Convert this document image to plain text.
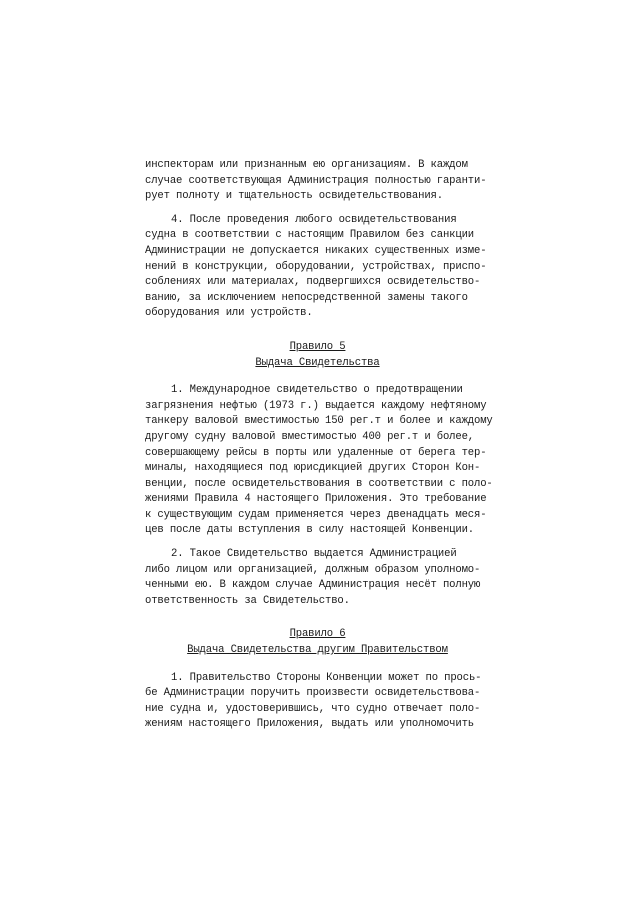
инспекторам или признанным ею организациям. В каждом
случае соответствующая Администрация полностью гаранти-
рует полноту и тщательность освидетельствования.
4. После проведения любого освидетельствования
судна в соответствии с настоящим Правилом без санкции
Администрации не допускается никаких существенных изме-
нений в конструкции, оборудовании, устройствах, приспо-
соблениях или материалах, подвергшихся освидетельство-
ванию, за исключением непосредственной замены такого
оборудования или устройств.
Правило 5
Выдача Свидетельства
1. Международное свидетельство о предотвращении
загрязнения нефтью (1973 г.) выдается каждому нефтяному
танкеру валовой вместимостью 150 рег.т и более и каждому
другому судну валовой вместимостью 400 рег.т и более,
совершающему рейсы в порты или удаленные от берега тер-
миналы, находящиеся под юрисдикцией других Сторон Кон-
венции, после освидетельствования в соответствии с поло-
жениями Правила 4 настоящего Приложения. Это требование
к существующим судам применяется через двенадцать меся-
цев после даты вступления в силу настоящей Конвенции.
2. Такое Свидетельство выдается Администрацией
либо лицом или организацией, должным образом уполномо-
ченными ею. В каждом случае Администрация несёт полную
ответственность за Свидетельство.
Правило 6
Выдача Свидетельства другим Правительством
1. Правительство Стороны Конвенции может по прось-
бе Администрации поручить произвести освидетельствова-
ние судна и, удостоверившись, что судно отвечает поло-
жениям настоящего Приложения, выдать или уполномочить
